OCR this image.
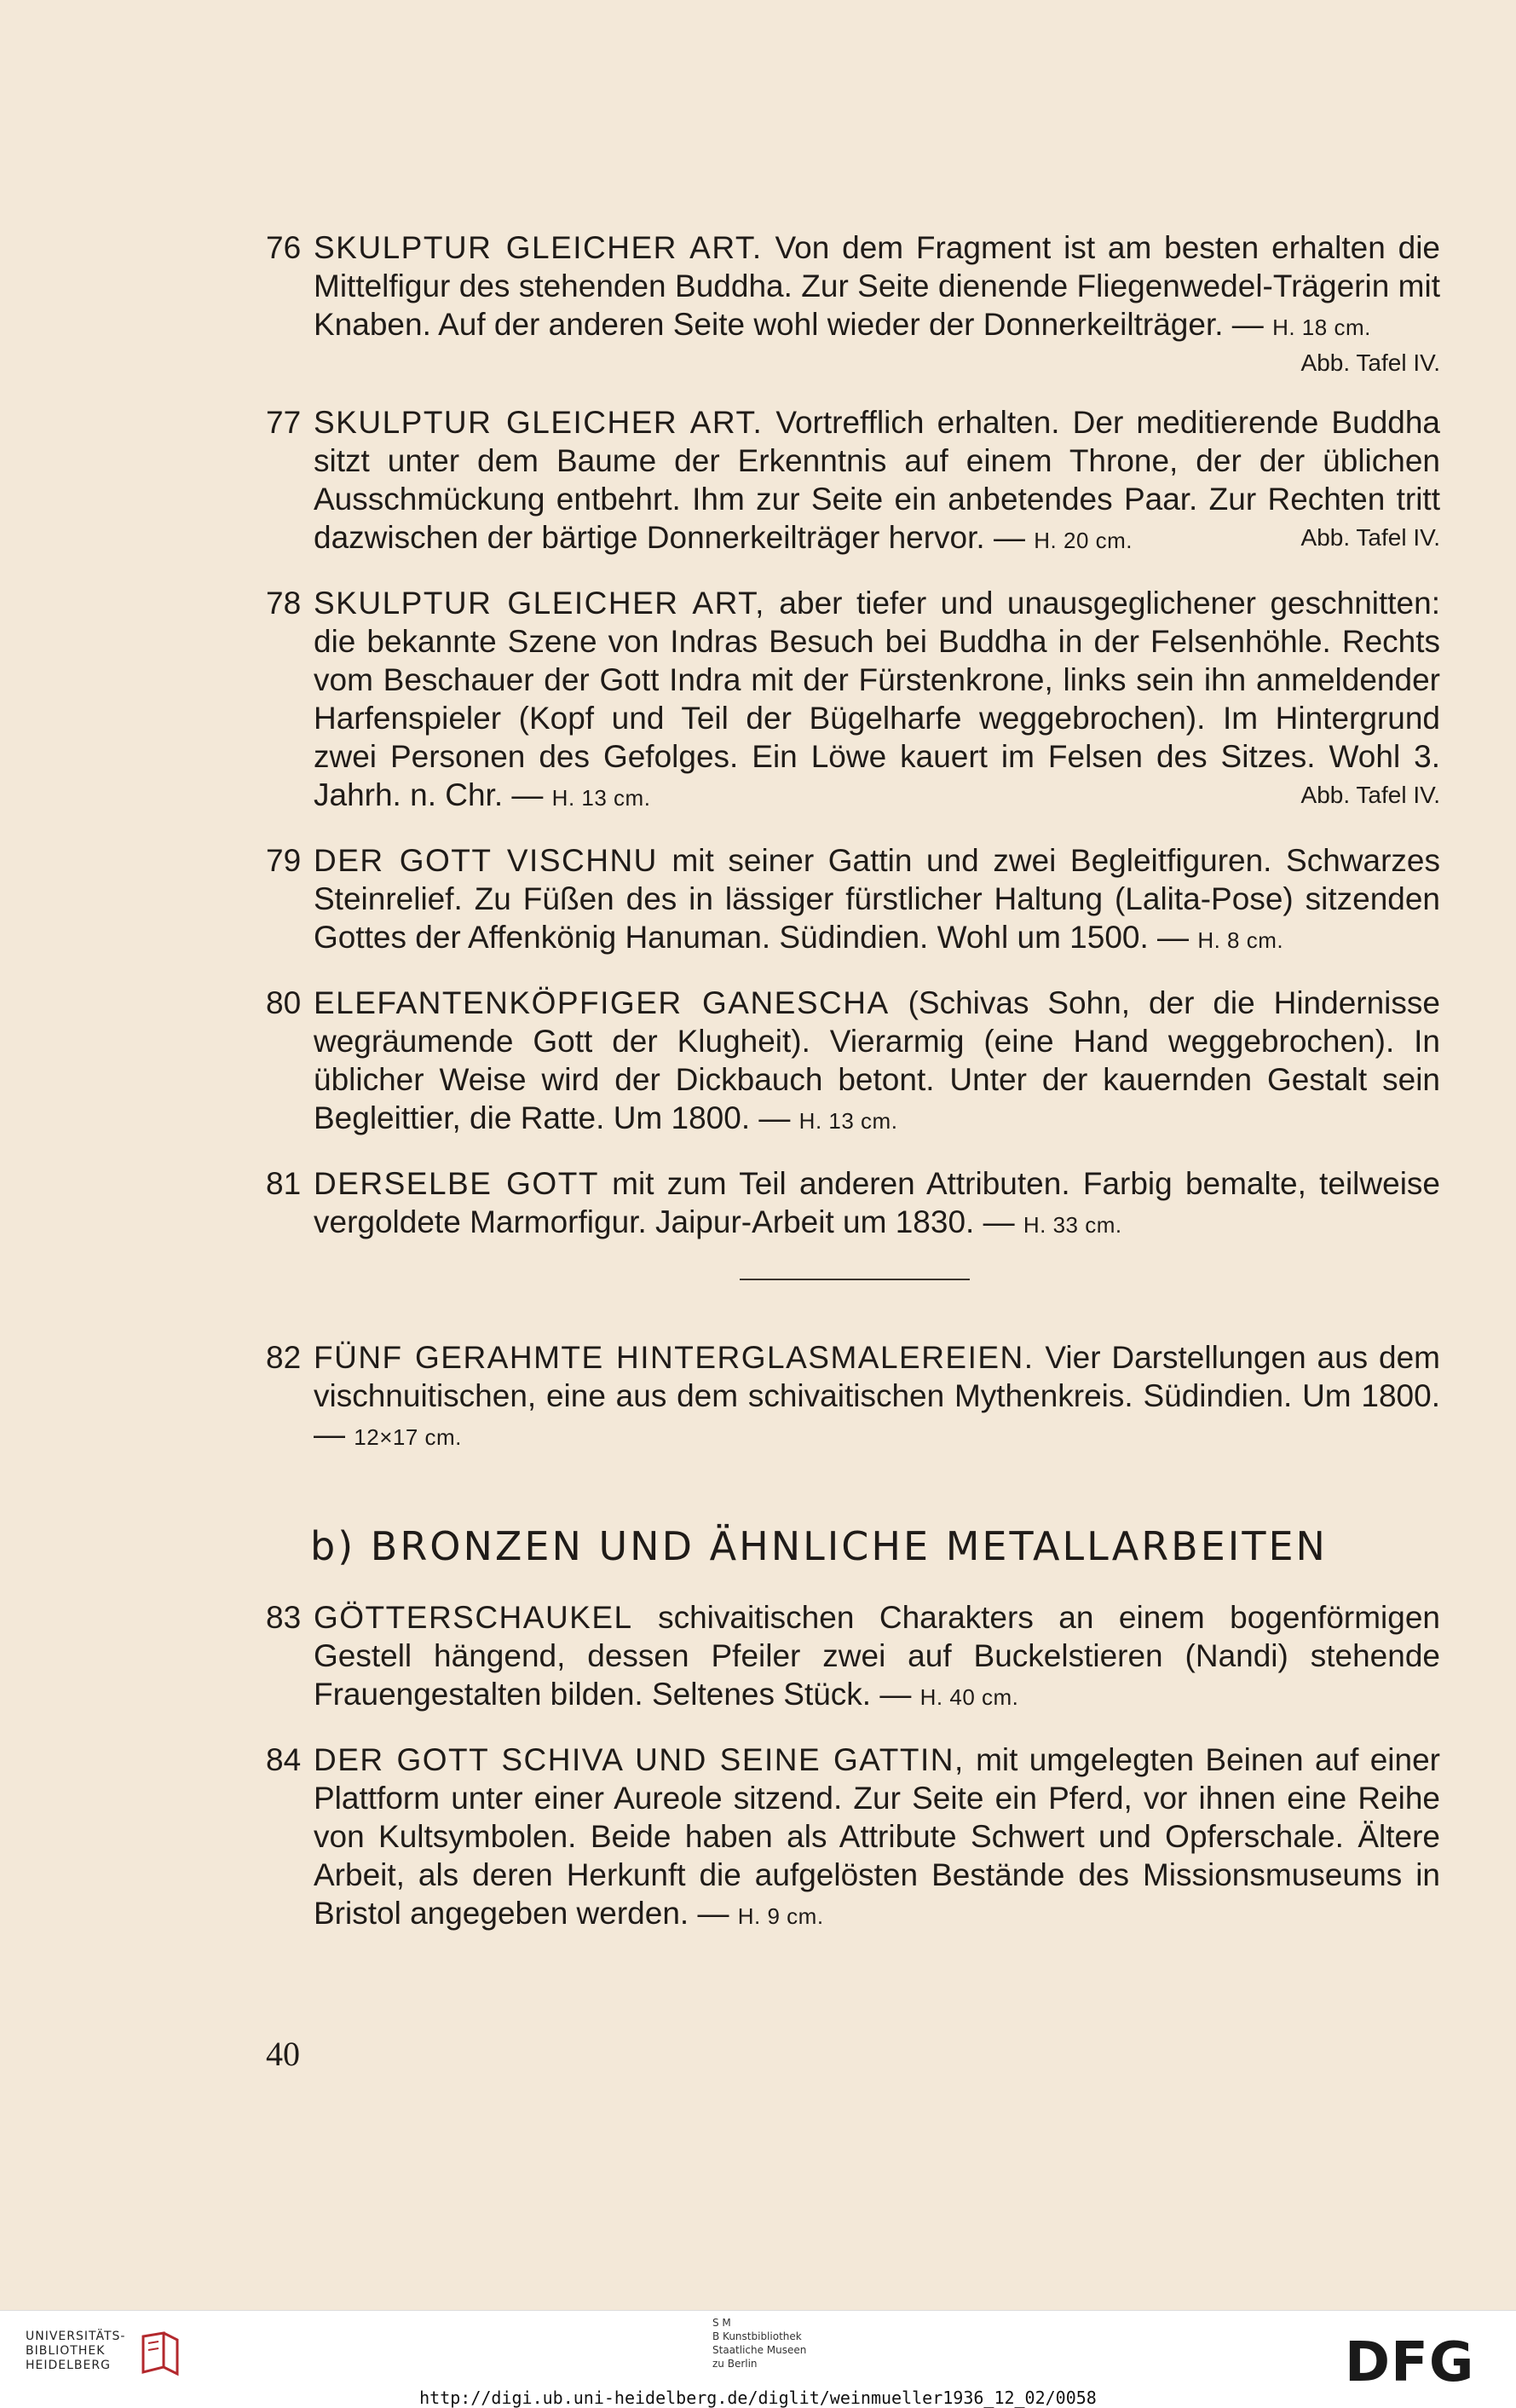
76 SKULPTUR GLEICHER ART. Von dem Fragment ist am besten erhalten die Mittelfigur des stehenden Buddha. Zur Seite dienende Fliegenwedel-Trägerin mit Knaben. Auf der anderen Seite wohl wieder der Donnerkeilträger. — H. 18 cm.
Abb. Tafel IV.
77 SKULPTUR GLEICHER ART. Vortrefflich erhalten. Der meditierende Buddha sitzt unter dem Baume der Erkenntnis auf einem Throne, der der üblichen Ausschmückung entbehrt. Ihm zur Seite ein anbetendes Paar. Zur Rechten tritt dazwischen der bärtige Donnerkeilträger hervor. — H. 20 cm.	Abb. Tafel IV.
78 SKULPTUR GLEICHER ART, aber tiefer und unausgeglichener geschnitten: die bekannte Szene von Indras Besuch bei Buddha in der Felsenhöhle. Rechts vom Beschauer der Gott Indra mit der Fürstenkrone, links sein ihn anmeldender Harfenspieler (Kopf und Teil der Bügelharfe weggebrochen). Im Hintergrund zwei Personen des Gefolges. Ein Löwe kauert im Felsen des Sitzes. Wohl 3. Jahrh. n. Chr. — H. 13 cm.	Abb. Tafel IV.
79 DER GOTT VISCHNU mit seiner Gattin und zwei Begleitfiguren. Schwarzes Steinrelief. Zu Füßen des in lässiger fürstlicher Haltung (Lalita-Pose) sitzenden Gottes der Affenkönig Hanuman. Südindien. Wohl um 1500. — H. 8 cm.
80 ELEFANTENKÖPFIGER GANESCHA (Schivas Sohn, der die Hindernisse wegräumende Gott der Klugheit). Vierarmig (eine Hand weggebrochen). In üblicher Weise wird der Dickbauch betont. Unter der kauernden Gestalt sein Begleittier, die Ratte. Um 1800. — H. 13 cm.
81 DERSELBE GOTT mit zum Teil anderen Attributen. Farbig bemalte, teilweise vergoldete Marmorfigur. Jaipur-Arbeit um 1830. — H. 33 cm.
82 FÜNF GERAHMTE HINTERGLASMALEREIEN. Vier Darstellungen aus dem vischnuitischen, eine aus dem schivaitischen Mythenkreis. Südindien. Um 1800. — 12×17 cm.
b) BRONZEN UND ÄHNLICHE METALLARBEITEN
83 GÖTTERSCHAUKEL schivaitischen Charakters an einem bogenförmigen Gestell hängend, dessen Pfeiler zwei auf Buckelstieren (Nandi) stehende Frauengestalten bilden. Seltenes Stück. — H. 40 cm.
84 DER GOTT SCHIVA UND SEINE GATTIN, mit umgelegten Beinen auf einer Plattform unter einer Aureole sitzend. Zur Seite ein Pferd, vor ihnen eine Reihe von Kultsymbolen. Beide haben als Attribute Schwert und Opferschale. Ältere Arbeit, als deren Herkunft die aufgelösten Bestände des Missionsmuseums in Bristol angegeben werden. — H. 9 cm.
40
UNIVERSITÄTS-
BIBLIOTHEK
HEIDELBERG
S M
B Kunstbibliothek
Staatliche Museen
zu Berlin	DFG
http://digi.ub.uni-heidelberg.de/diglit/weinmueller1936_12_02/0058
